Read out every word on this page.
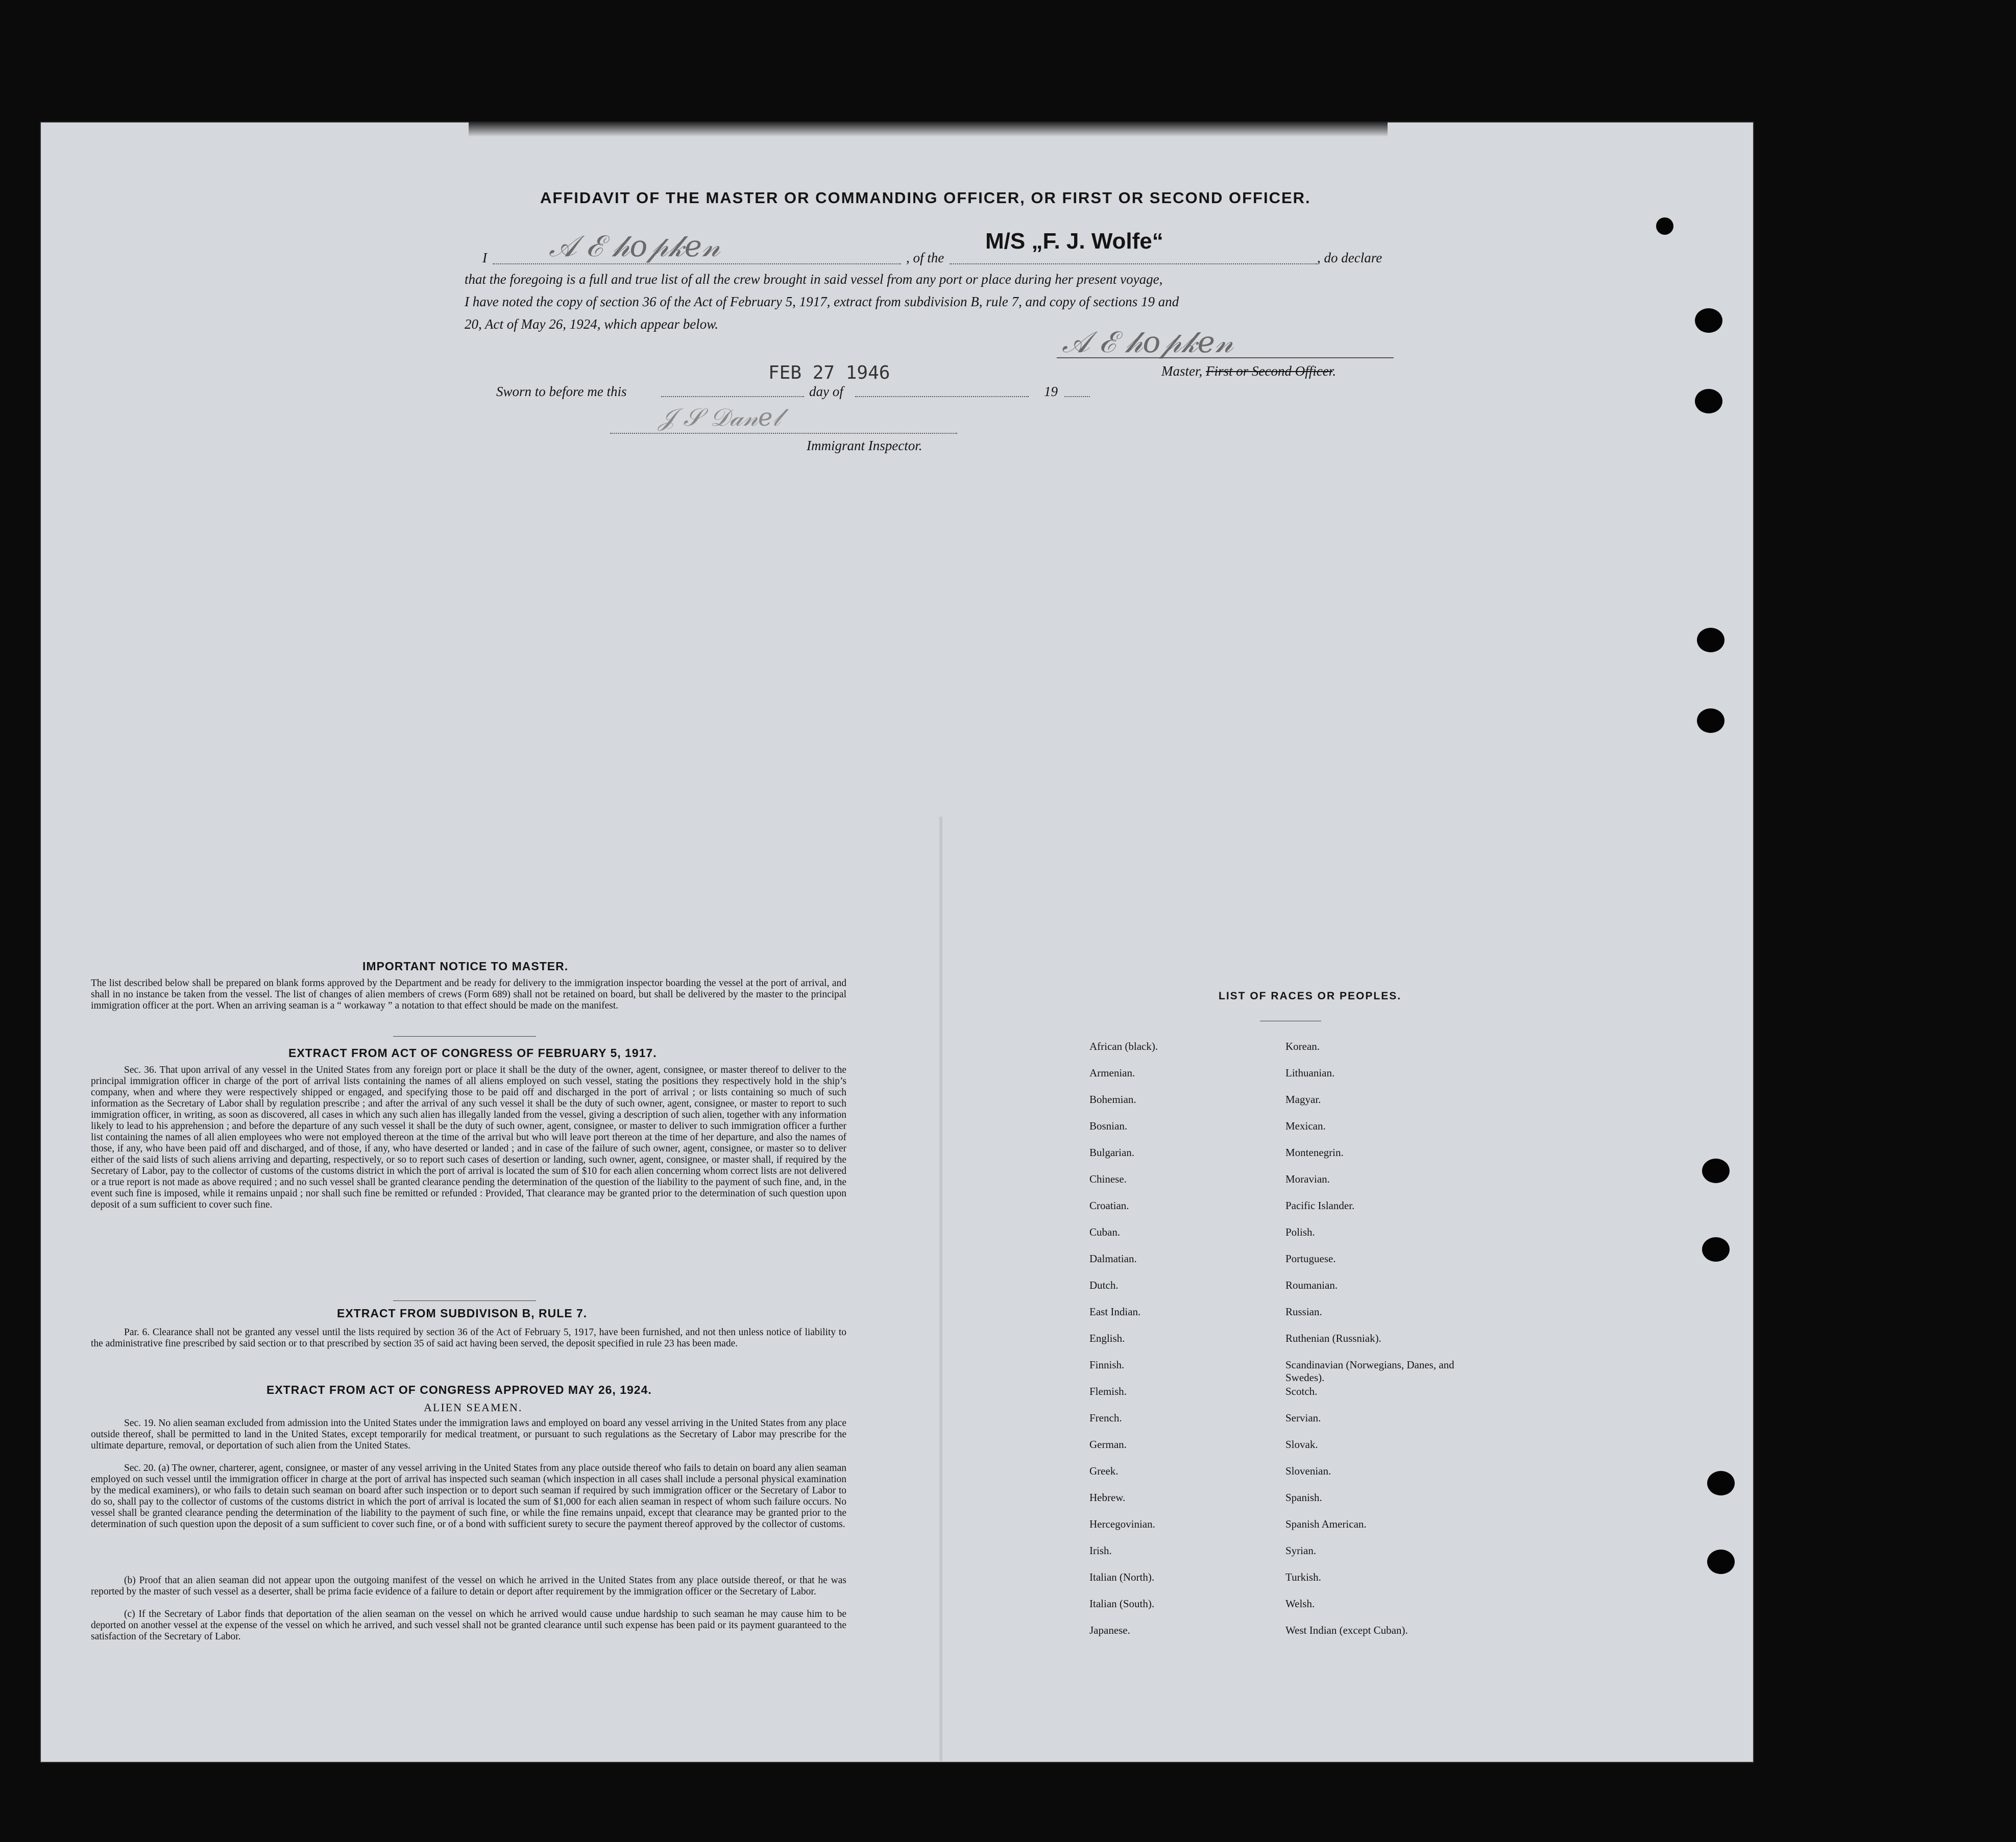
AFFIDAVIT OF THE MASTER OR COMMANDING OFFICER, OR FIRST OR SECOND OFFICER.
I 𝒜 ℰ 𝒽𝑜𝓅𝓀𝑒𝓃	, of the
M/S „F. J. Wolfe“
, do declare
that the foregoing is a full and true list of all the crew brought in said vessel from any port or place during her present voyage,
I have noted the copy of section 36 of the Act of February 5, 1917, extract from subdivision B, rule 7, and copy of sections 19 and
20, Act of May 26, 1924, which appear below.
𝒜 ℰ 𝒽𝑜𝓅𝓀𝑒𝓃
Master, First or Second Officer.
Sworn to before me this
FEB 27 1946
day of	19
𝒥 𝒮 𝒟𝒶𝓃𝑒𝓁
Immigrant Inspector.
IMPORTANT NOTICE TO MASTER.
The list described below shall be prepared on blank forms approved by the Department and be ready for delivery to the immigration inspector boarding the vessel at the port of arrival, and shall in no instance be taken from the vessel. The list of changes of alien members of crews (Form 689) shall not be retained on board, but shall be delivered by the master to the principal immigration officer at the port. When an arriving seaman is a “ workaway ” a notation to that effect should be made on the manifest.
EXTRACT FROM ACT OF CONGRESS OF FEBRUARY 5, 1917.
Sec. 36. That upon arrival of any vessel in the United States from any foreign port or place it shall be the duty of the owner, agent, consignee, or master thereof to deliver to the principal immigration officer in charge of the port of arrival lists containing the names of all aliens employed on such vessel, stating the positions they respectively hold in the ship’s company, when and where they were respectively shipped or engaged, and specifying those to be paid off and discharged in the port of arrival ; or lists containing so much of such information as the Secretary of Labor shall by regulation prescribe ; and after the arrival of any such vessel it shall be the duty of such owner, agent, consignee, or master to report to such immigration officer, in writing, as soon as discovered, all cases in which any such alien has illegally landed from the vessel, giving a description of such alien, together with any information likely to lead to his apprehension ; and before the departure of any such vessel it shall be the duty of such owner, agent, consignee, or master to deliver to such immigration officer a further list containing the names of all alien employees who were not employed thereon at the time of the arrival but who will leave port thereon at the time of her departure, and also the names of those, if any, who have been paid off and discharged, and of those, if any, who have deserted or landed ; and in case of the failure of such owner, agent, consignee, or master so to deliver either of the said lists of such aliens arriving and departing, respectively, or so to report such cases of desertion or landing, such owner, agent, consignee, or master shall, if required by the Secretary of Labor, pay to the collector of customs of the customs district in which the port of arrival is located the sum of $10 for each alien concerning whom correct lists are not delivered or a true report is not made as above required ; and no such vessel shall be granted clearance pending the determination of the question of the liability to the payment of such fine, and, in the event such fine is imposed, while it remains unpaid ; nor shall such fine be remitted or refunded : Provided, That clearance may be granted prior to the determination of such question upon deposit of a sum sufficient to cover such fine.
EXTRACT FROM SUBDIVISON B, RULE 7.
Par. 6. Clearance shall not be granted any vessel until the lists required by section 36 of the Act of February 5, 1917, have been furnished, and not then unless notice of liability to the administrative fine prescribed by said section or to that prescribed by section 35 of said act having been served, the deposit specified in rule 23 has been made.
EXTRACT FROM ACT OF CONGRESS APPROVED MAY 26, 1924.
ALIEN SEAMEN.
Sec. 19. No alien seaman excluded from admission into the United States under the immigration laws and employed on board any vessel arriving in the United States from any place outside thereof, shall be permitted to land in the United States, except temporarily for medical treatment, or pursuant to such regulations as the Secretary of Labor may prescribe for the ultimate departure, removal, or deportation of such alien from the United States.
Sec. 20. (a) The owner, charterer, agent, consignee, or master of any vessel arriving in the United States from any place outside thereof who fails to detain on board any alien seaman employed on such vessel until the immigration officer in charge at the port of arrival has inspected such seaman (which inspection in all cases shall include a personal physical examination by the medical examiners), or who fails to detain such seaman on board after such inspection or to deport such seaman if required by such immigration officer or the Secretary of Labor to do so, shall pay to the collector of customs of the customs district in which the port of arrival is located the sum of $1,000 for each alien seaman in respect of whom such failure occurs. No vessel shall be granted clearance pending the determination of the liability to the payment of such fine, or while the fine remains unpaid, except that clearance may be granted prior to the determination of such question upon the deposit of a sum sufficient to cover such fine, or of a bond with sufficient surety to secure the payment thereof approved by the collector of customs.
(b) Proof that an alien seaman did not appear upon the outgoing manifest of the vessel on which he arrived in the United States from any place outside thereof, or that he was reported by the master of such vessel as a deserter, shall be prima facie evidence of a failure to detain or deport after requirement by the immigration officer or the Secretary of Labor.
(c) If the Secretary of Labor finds that deportation of the alien seaman on the vessel on which he arrived would cause undue hardship to such seaman he may cause him to be deported on another vessel at the expense of the vessel on which he arrived, and such vessel shall not be granted clearance until such expense has been paid or its payment guaranteed to the satisfaction of the Secretary of Labor.
LIST OF RACES OR PEOPLES.
African (black).
Armenian.
Bohemian.
Bosnian.
Bulgarian.
Chinese.
Croatian.
Cuban.
Dalmatian.
Dutch.
East Indian.
English.
Finnish.
Flemish.
French.
German.
Greek.
Hebrew.
Hercegovinian.
Irish.
Italian (North).
Italian (South).
Japanese.
Korean.
Lithuanian.
Magyar.
Mexican.
Montenegrin.
Moravian.
Pacific Islander.
Polish.
Portuguese.
Roumanian.
Russian.
Ruthenian (Russniak).
Scandinavian (Norwegians, Danes, and Swedes).
Scotch.
Servian.
Slovak.
Slovenian.
Spanish.
Spanish American.
Syrian.
Turkish.
Welsh.
West Indian (except Cuban).
